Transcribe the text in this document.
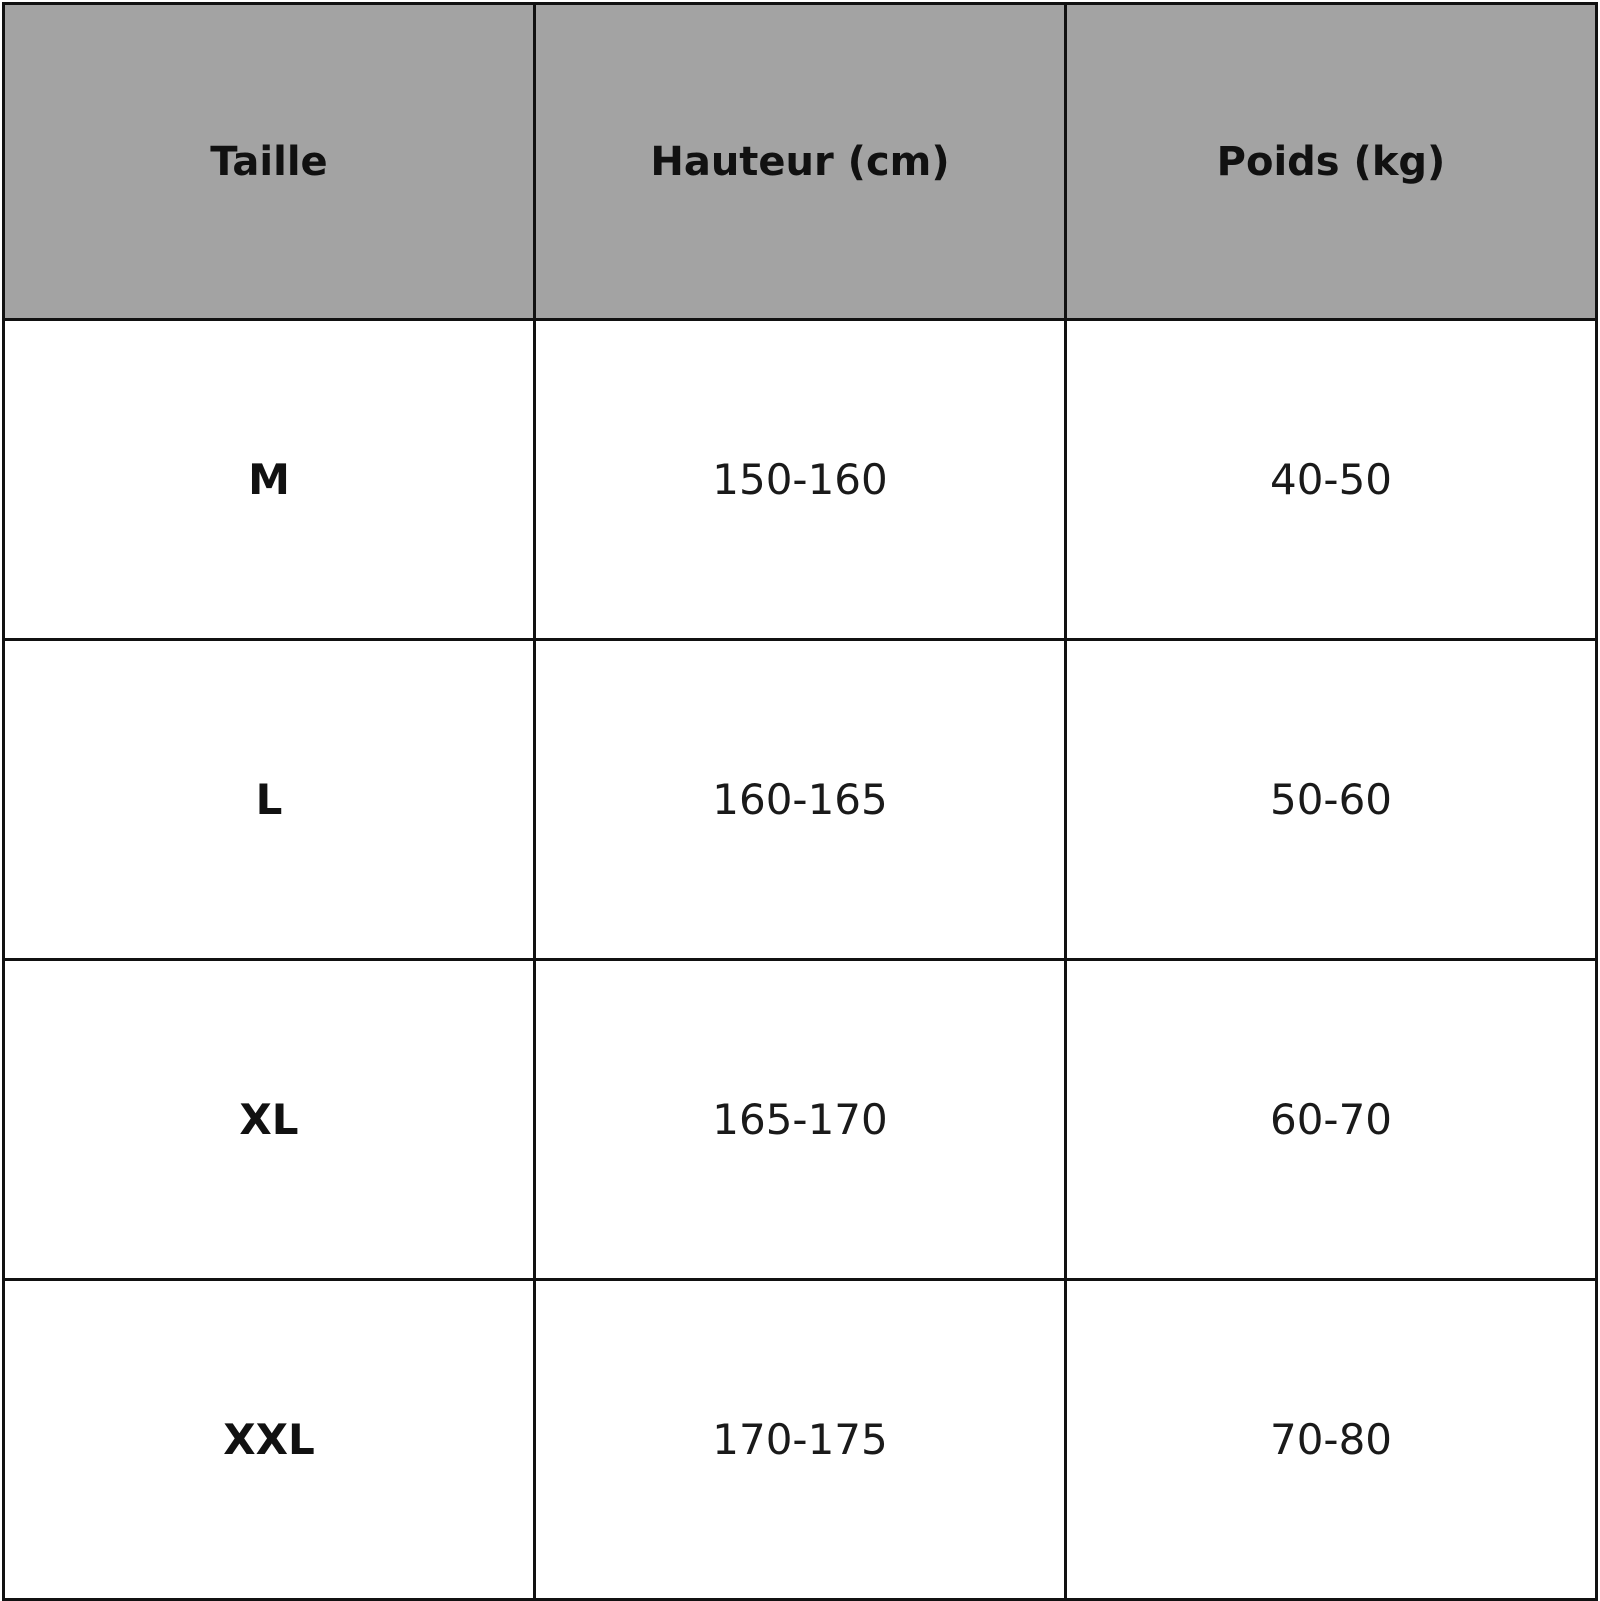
Taille	Hauteur (cm)	Poids (kg)
M	150-160	40-50
L	160-165	50-60
XL	165-170	60-70
XXL	170-175	70-80
